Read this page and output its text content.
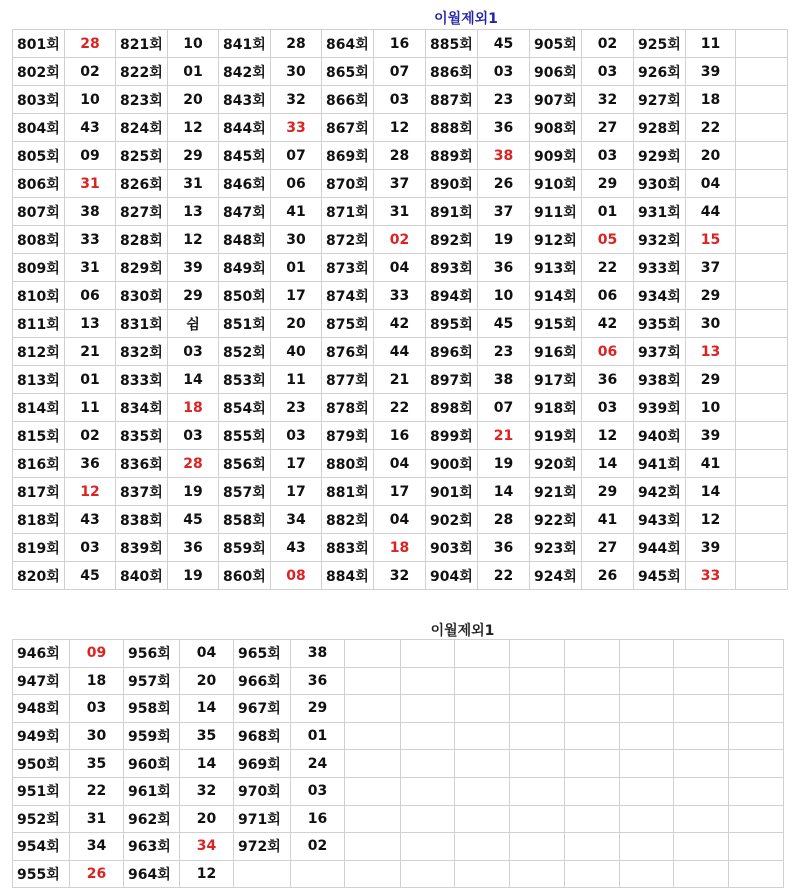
이월제외1
801회	28	821회	10	841회	28	864회	16	885회	45	905회	02	925회	11	
802회	02	822회	01	842회	30	865회	07	886회	03	906회	03	926회	39	
803회	10	823회	20	843회	32	866회	03	887회	23	907회	32	927회	18	
804회	43	824회	12	844회	33	867회	12	888회	36	908회	27	928회	22	
805회	09	825회	29	845회	07	869회	28	889회	38	909회	03	929회	20	
806회	31	826회	31	846회	06	870회	37	890회	26	910회	29	930회	04	
807회	38	827회	13	847회	41	871회	31	891회	37	911회	01	931회	44	
808회	33	828회	12	848회	30	872회	02	892회	19	912회	05	932회	15	
809회	31	829회	39	849회	01	873회	04	893회	36	913회	22	933회	37	
810회	06	830회	29	850회	17	874회	33	894회	10	914회	06	934회	29	
811회	13	831회	쉼	851회	20	875회	42	895회	45	915회	42	935회	30	
812회	21	832회	03	852회	40	876회	44	896회	23	916회	06	937회	13	
813회	01	833회	14	853회	11	877회	21	897회	38	917회	36	938회	29	
814회	11	834회	18	854회	23	878회	22	898회	07	918회	03	939회	10	
815회	02	835회	03	855회	03	879회	16	899회	21	919회	12	940회	39	
816회	36	836회	28	856회	17	880회	04	900회	19	920회	14	941회	41	
817회	12	837회	19	857회	17	881회	17	901회	14	921회	29	942회	14	
818회	43	838회	45	858회	34	882회	04	902회	28	922회	41	943회	12	
819회	03	839회	36	859회	43	883회	18	903회	36	923회	27	944회	39	
820회	45	840회	19	860회	08	884회	32	904회	22	924회	26	945회	33	
이월제외1
946회	09	956회	04	965회	38								
947회	18	957회	20	966회	36								
948회	03	958회	14	967회	29								
949회	30	959회	35	968회	01								
950회	35	960회	14	969회	24								
951회	22	961회	32	970회	03								
952회	31	962회	20	971회	16								
954회	34	963회	34	972회	02								
955회	26	964회	12										
